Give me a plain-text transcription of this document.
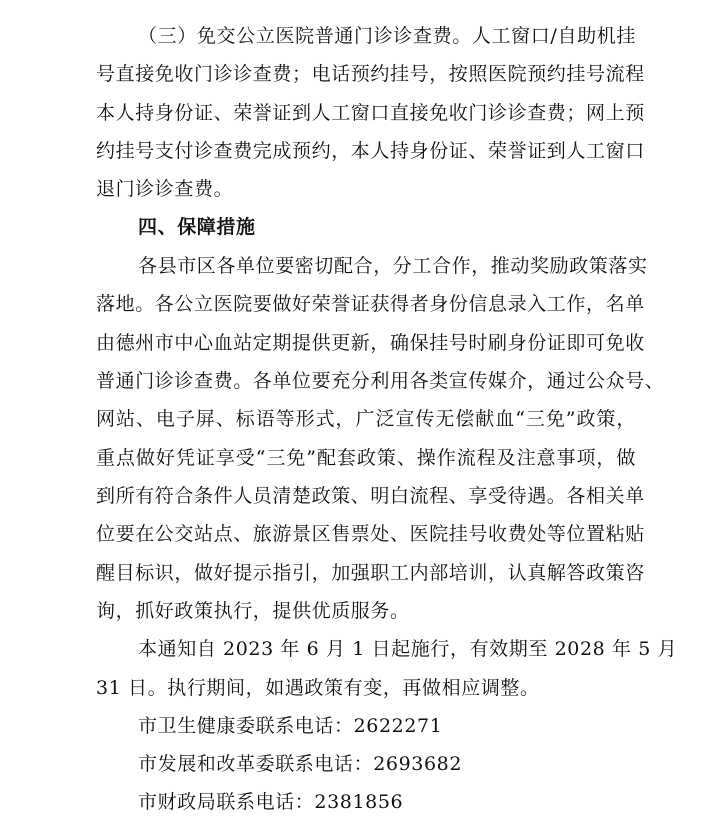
（三）免交公立医院普通门诊诊查费。人工窗口/自助机挂
号直接免收门诊诊查费；电话预约挂号，按照医院预约挂号流程
本人持身份证、荣誉证到人工窗口直接免收门诊诊查费；网上预
约挂号支付诊查费完成预约，本人持身份证、荣誉证到人工窗口
退门诊诊查费。
四、保障措施
各县市区各单位要密切配合，分工合作，推动奖励政策落实
落地。各公立医院要做好荣誉证获得者身份信息录入工作，名单
由德州市中心血站定期提供更新，确保挂号时刷身份证即可免收
普通门诊诊查费。各单位要充分利用各类宣传媒介，通过公众号、
网站、电子屏、标语等形式，广泛宣传无偿献血“三免”政策，
重点做好凭证享受“三免”配套政策、操作流程及注意事项，做
到所有符合条件人员清楚政策、明白流程、享受待遇。各相关单
位要在公交站点、旅游景区售票处、医院挂号收费处等位置粘贴
醒目标识，做好提示指引，加强职工内部培训，认真解答政策咨
询，抓好政策执行，提供优质服务。
本通知自 2023 年 6 月 1 日起施行，有效期至 2028 年 5 月
31 日。执行期间，如遇政策有变，再做相应调整。
市卫生健康委联系电话：2622271
市发展和改革委联系电话：2693682
市财政局联系电话：2381856
